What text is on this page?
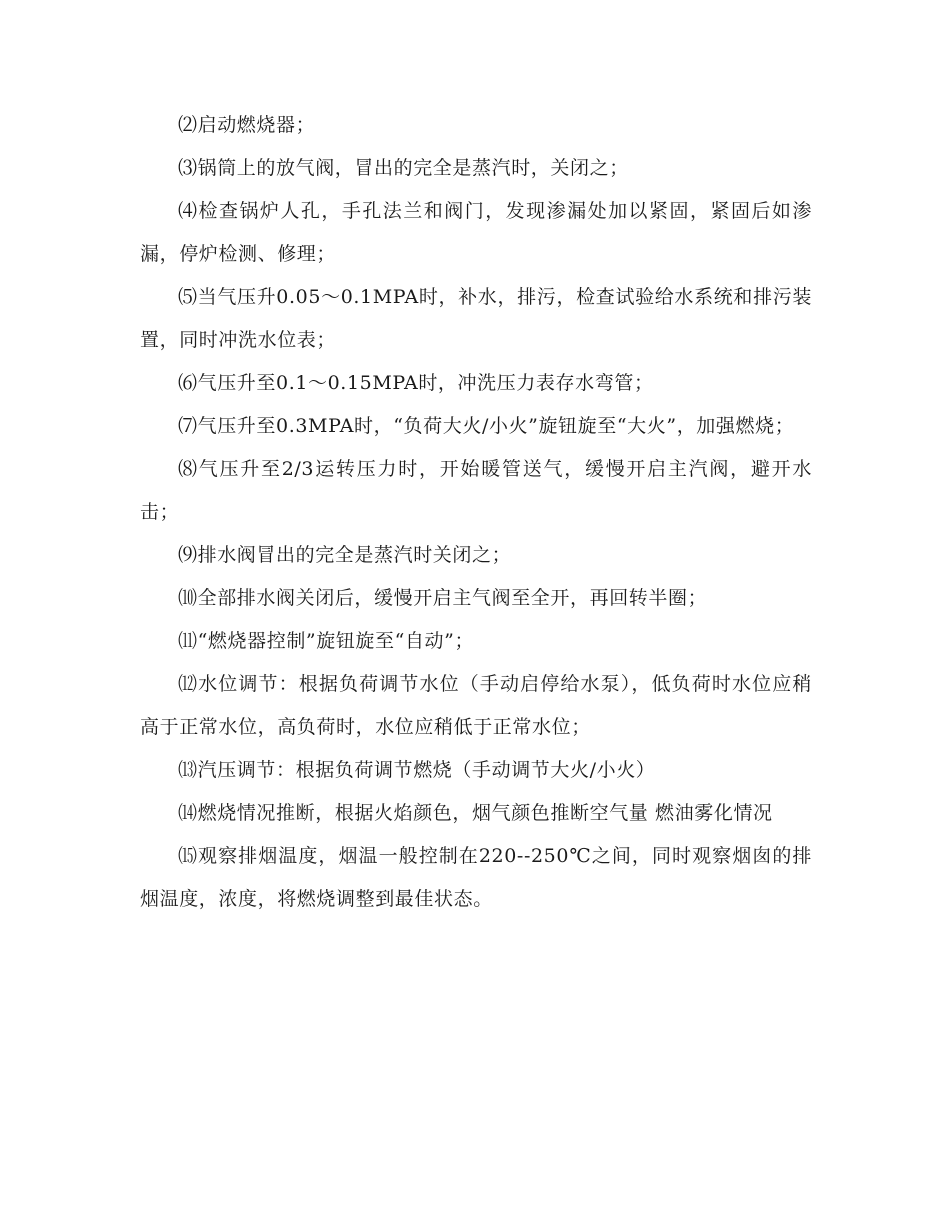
⑵启动燃烧器；

⑶锅筒上的放气阀，冒出的完全是蒸汽时，关闭之；

⑷检查锅炉人孔，手孔法兰和阀门，发现渗漏处加以紧固，紧固后如渗漏，停炉检测、修理；

⑸当气压升0.05～0.1MPA时，补水，排污，检查试验给水系统和排污装置，同时冲洗水位表；

⑹气压升至0.1～0.15MPA时，冲洗压力表存水弯管；

⑺气压升至0.3MPA时，“负荷大火/小火”旋钮旋至“大火”，加强燃烧；

⑻气压升至2/3运转压力时，开始暖管送气，缓慢开启主汽阀，避开水击；

⑼排水阀冒出的完全是蒸汽时关闭之；

⑽全部排水阀关闭后，缓慢开启主气阀至全开，再回转半圈；

⑾“燃烧器控制”旋钮旋至“自动”；

⑿水位调节：根据负荷调节水位（手动启停给水泵），低负荷时水位应稍高于正常水位，高负荷时，水位应稍低于正常水位；

⒀汽压调节：根据负荷调节燃烧（手动调节大火/小火）

⒁燃烧情况推断，根据火焰颜色，烟气颜色推断空气量 燃油雾化情况

⒂观察排烟温度，烟温一般控制在220--250℃之间，同时观察烟囱的排烟温度，浓度，将燃烧调整到最佳状态。
